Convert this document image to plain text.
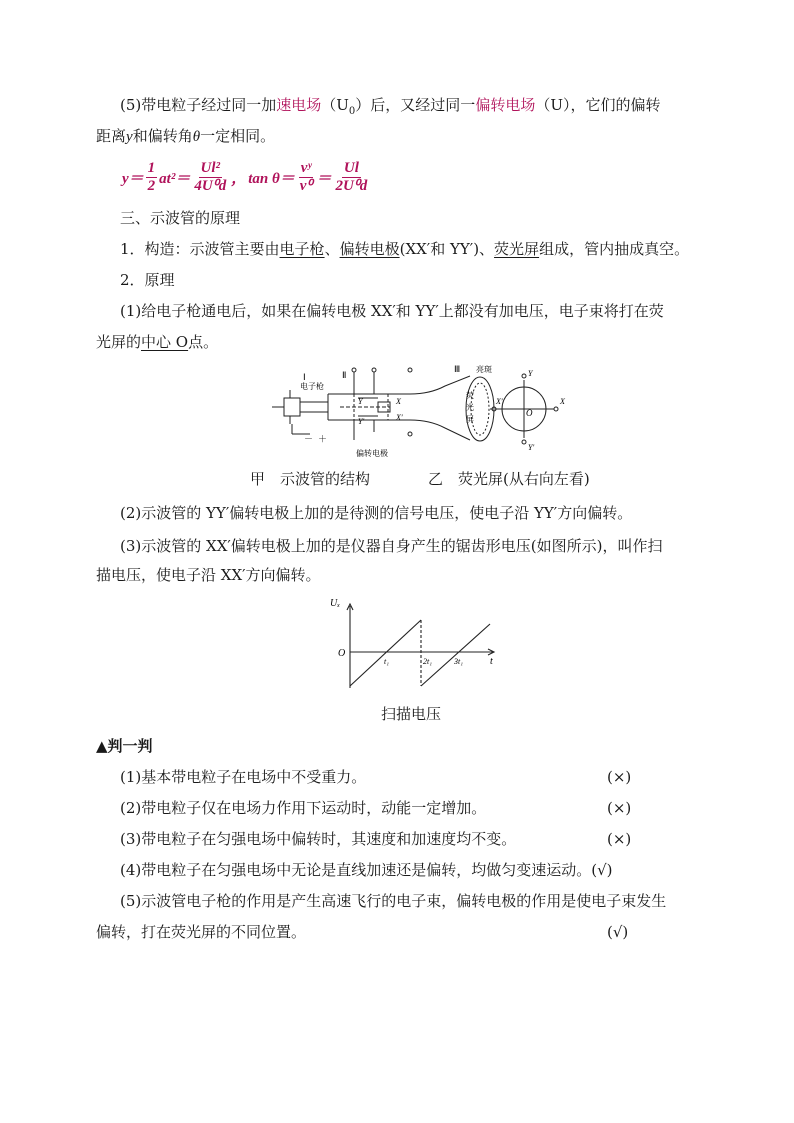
(5)带电粒子经过同一加速电场$(U_0)$后，又经过同一偏转电场（U），它们的偏转
距离y和偏转角θ一定相同。
$y= \frac{1}{2} at^2= \frac{\text{Ul²}}{\text{4U⁰d}}$ ， $\tan \theta= \frac{\text{vʸ}}{\text{v⁰}} = \frac{Ul}{\text{2U⁰d}}$
三、示波管的原理
1．构造：示波管主要由电子枪、偏转电极(XX′和 YY′)、荧光屏组成，管内抽成真空。
2．原理
(1)给电子枪通电后，如果在偏转电极 XX′和 YY′上都没有加电压，电子束将打在荧
光屏的中心 O点。
Ⅰ
电子枪
Ⅱ
Ⅲ
Y
Y′
X
X′
亮斑
荧
光
屏
偏转电极
－ ＋
Y
Y′
X′	X
O
甲　示波管的结构	乙　荧光屏(从右向左看)
(2)示波管的 YY′偏转电极上加的是待测的信号电压，使电子沿 YY′方向偏转。
(3)示波管的 XX′偏转电极上加的是仪器自身产生的锯齿形电压(如图所示)，叫作扫
描电压，使电子沿 XX′方向偏转。
Uₓ
O
t
t₁	2t₁	3t₁
扫描电压
▲判一判
(1)基本带电粒子在电场中不受重力。	(×)
(2)带电粒子仅在电场力作用下运动时，动能一定增加。	(×)
(3)带电粒子在匀强电场中偏转时，其速度和加速度均不变。	(×)
(4)带电粒子在匀强电场中无论是直线加速还是偏转，均做匀变速运动。(√)
(5)示波管电子枪的作用是产生高速飞行的电子束，偏转电极的作用是使电子束发生
偏转，打在荧光屏的不同位置。	(√)
